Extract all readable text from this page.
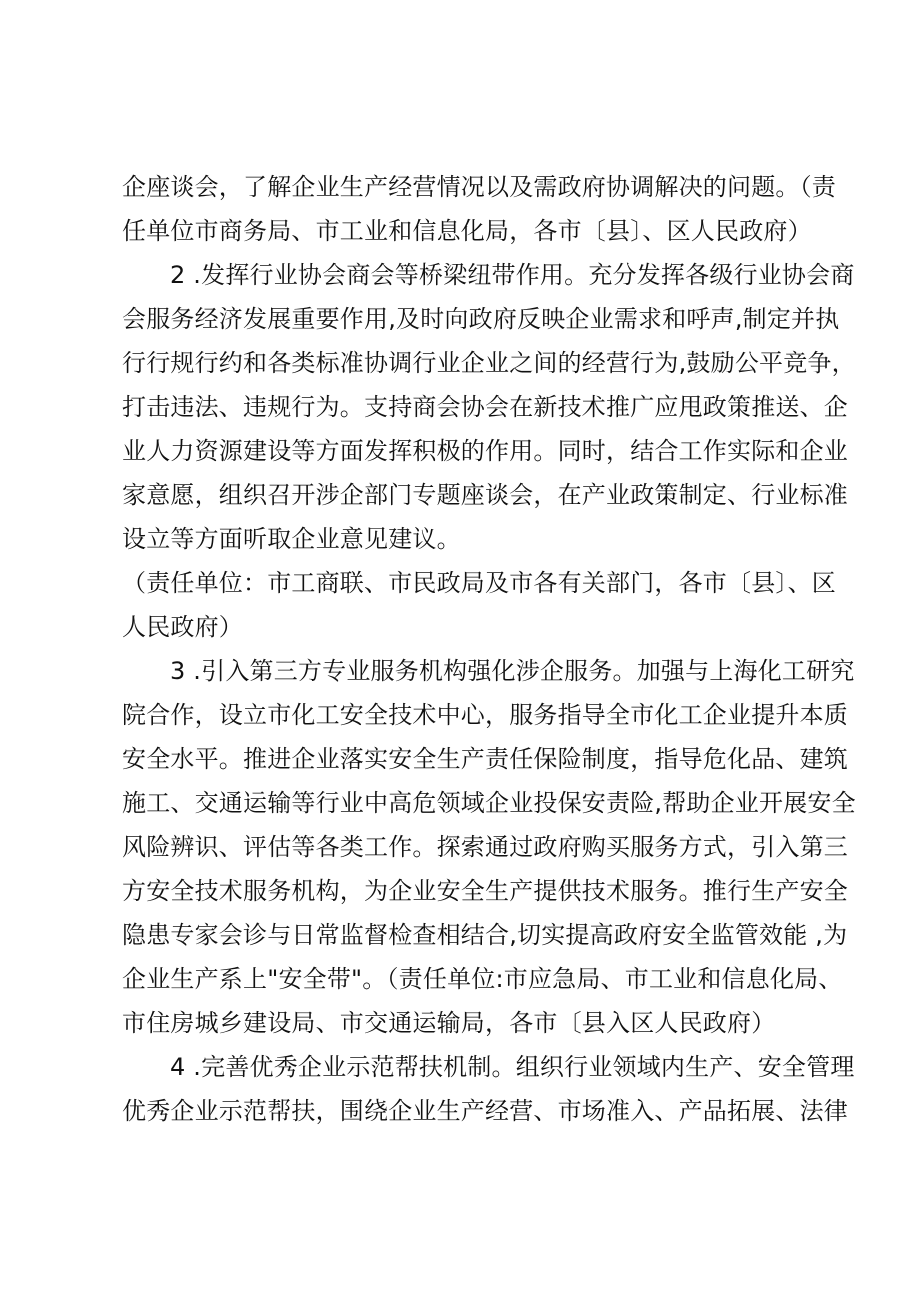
企座谈会，了解企业生产经营情况以及需政府协调解决的问题。（责
任单位市商务局、市工业和信息化局，各市〔县〕、区人民政府）
2 .发挥行业协会商会等桥梁纽带作用。充分发挥各级行业协会商
会服务经济发展重要作用,及时向政府反映企业需求和呼声,制定并执
行行规行约和各类标准协调行业企业之间的经营行为,鼓励公平竞争，
打击违法、违规行为。支持商会协会在新技术推广应甩政策推送、企
业人力资源建设等方面发挥积极的作用。同时，结合工作实际和企业
家意愿，组织召开涉企部门专题座谈会，在产业政策制定、行业标准
设立等方面听取企业意见建议。
（责任单位：市工商联、市民政局及市各有关部门，各市〔县〕、区
人民政府）
3 .引入第三方专业服务机构强化涉企服务。加强与上海化工研究
院合作，设立市化工安全技术中心，服务指导全市化工企业提升本质
安全水平。推进企业落实安全生产责任保险制度，指导危化品、建筑
施工、交通运输等行业中高危领域企业投保安责险,帮助企业开展安全
风险辨识、评估等各类工作。探索通过政府购买服务方式，引入第三
方安全技术服务机构，为企业安全生产提供技术服务。推行生产安全
隐患专家会诊与日常监督检查相结合,切实提高政府安全监管效能 ,为
企业生产系上"安全带"。（责任单位:市应急局、市工业和信息化局、
市住房城乡建设局、市交通运输局，各市〔县入区人民政府）
4 .完善优秀企业示范帮扶机制。组织行业领域内生产、安全管理
优秀企业示范帮扶，围绕企业生产经营、市场准入、产品拓展、法律
